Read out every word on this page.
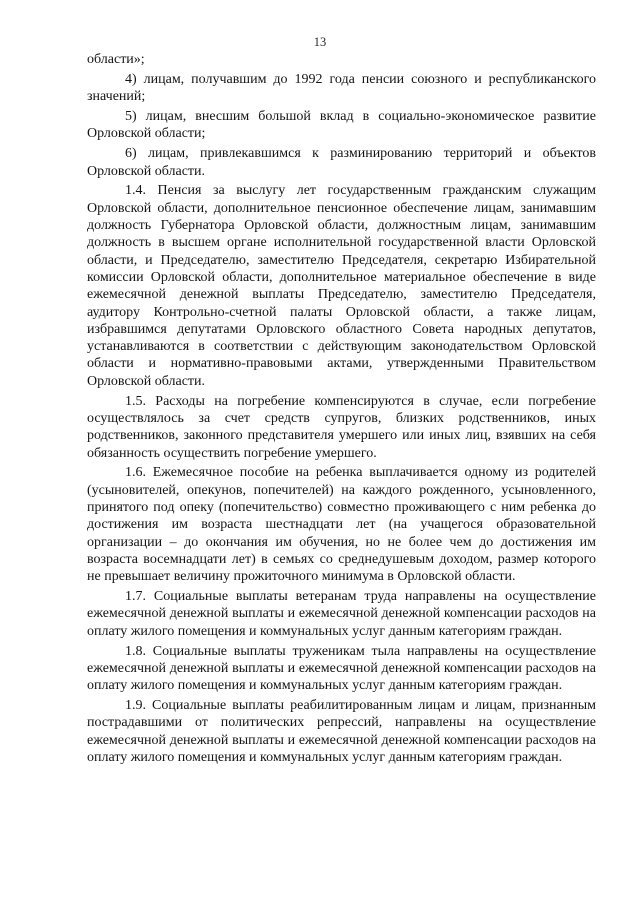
13

области»;

4) лицам, получавшим до 1992 года пенсии союзного и республиканского значений;

5) лицам, внесшим большой вклад в социально-экономическое развитие Орловской области;

6) лицам, привлекавшимся к разминированию территорий и объектов Орловской области.

1.4. Пенсия за выслугу лет государственным гражданским служащим Орловской области, дополнительное пенсионное обеспечение лицам, занимавшим должность Губернатора Орловской области, должностным лицам, занимавшим должность в высшем органе исполнительной государственной власти Орловской области, и Председателю, заместителю Председателя, секретарю Избирательной комиссии Орловской области, дополнительное материальное обеспечение в виде ежемесячной денежной выплаты Председателю, заместителю Председателя, аудитору Контрольно-счетной палаты Орловской области, а также лицам, избравшимся депутатами Орловского областного Совета народных депутатов, устанавливаются в соответствии с действующим законодательством Орловской области и нормативно-правовыми актами, утвержденными Правительством Орловской области.

1.5. Расходы на погребение компенсируются в случае, если погребение осуществлялось за счет средств супругов, близких родственников, иных родственников, законного представителя умершего или иных лиц, взявших на себя обязанность осуществить погребение умершего.

1.6. Ежемесячное пособие на ребенка выплачивается одному из родителей (усыновителей, опекунов, попечителей) на каждого рожденного, усыновленного, принятого под опеку (попечительство) совместно проживающего с ним ребенка до достижения им возраста шестнадцати лет (на учащегося образовательной организации – до окончания им обучения, но не более чем до достижения им возраста восемнадцати лет) в семьях со среднедушевым доходом, размер которого не превышает величину прожиточного минимума в Орловской области.

1.7. Социальные выплаты ветеранам труда направлены на осуществление ежемесячной денежной выплаты и ежемесячной денежной компенсации расходов на оплату жилого помещения и коммунальных услуг данным категориям граждан.

1.8. Социальные выплаты труженикам тыла направлены на осуществление ежемесячной денежной выплаты и ежемесячной денежной компенсации расходов на оплату жилого помещения и коммунальных услуг данным категориям граждан.

1.9. Социальные выплаты реабилитированным лицам и лицам, признанным пострадавшими от политических репрессий, направлены на осуществление ежемесячной денежной выплаты и ежемесячной денежной компенсации расходов на оплату жилого помещения и коммунальных услуг данным категориям граждан.
